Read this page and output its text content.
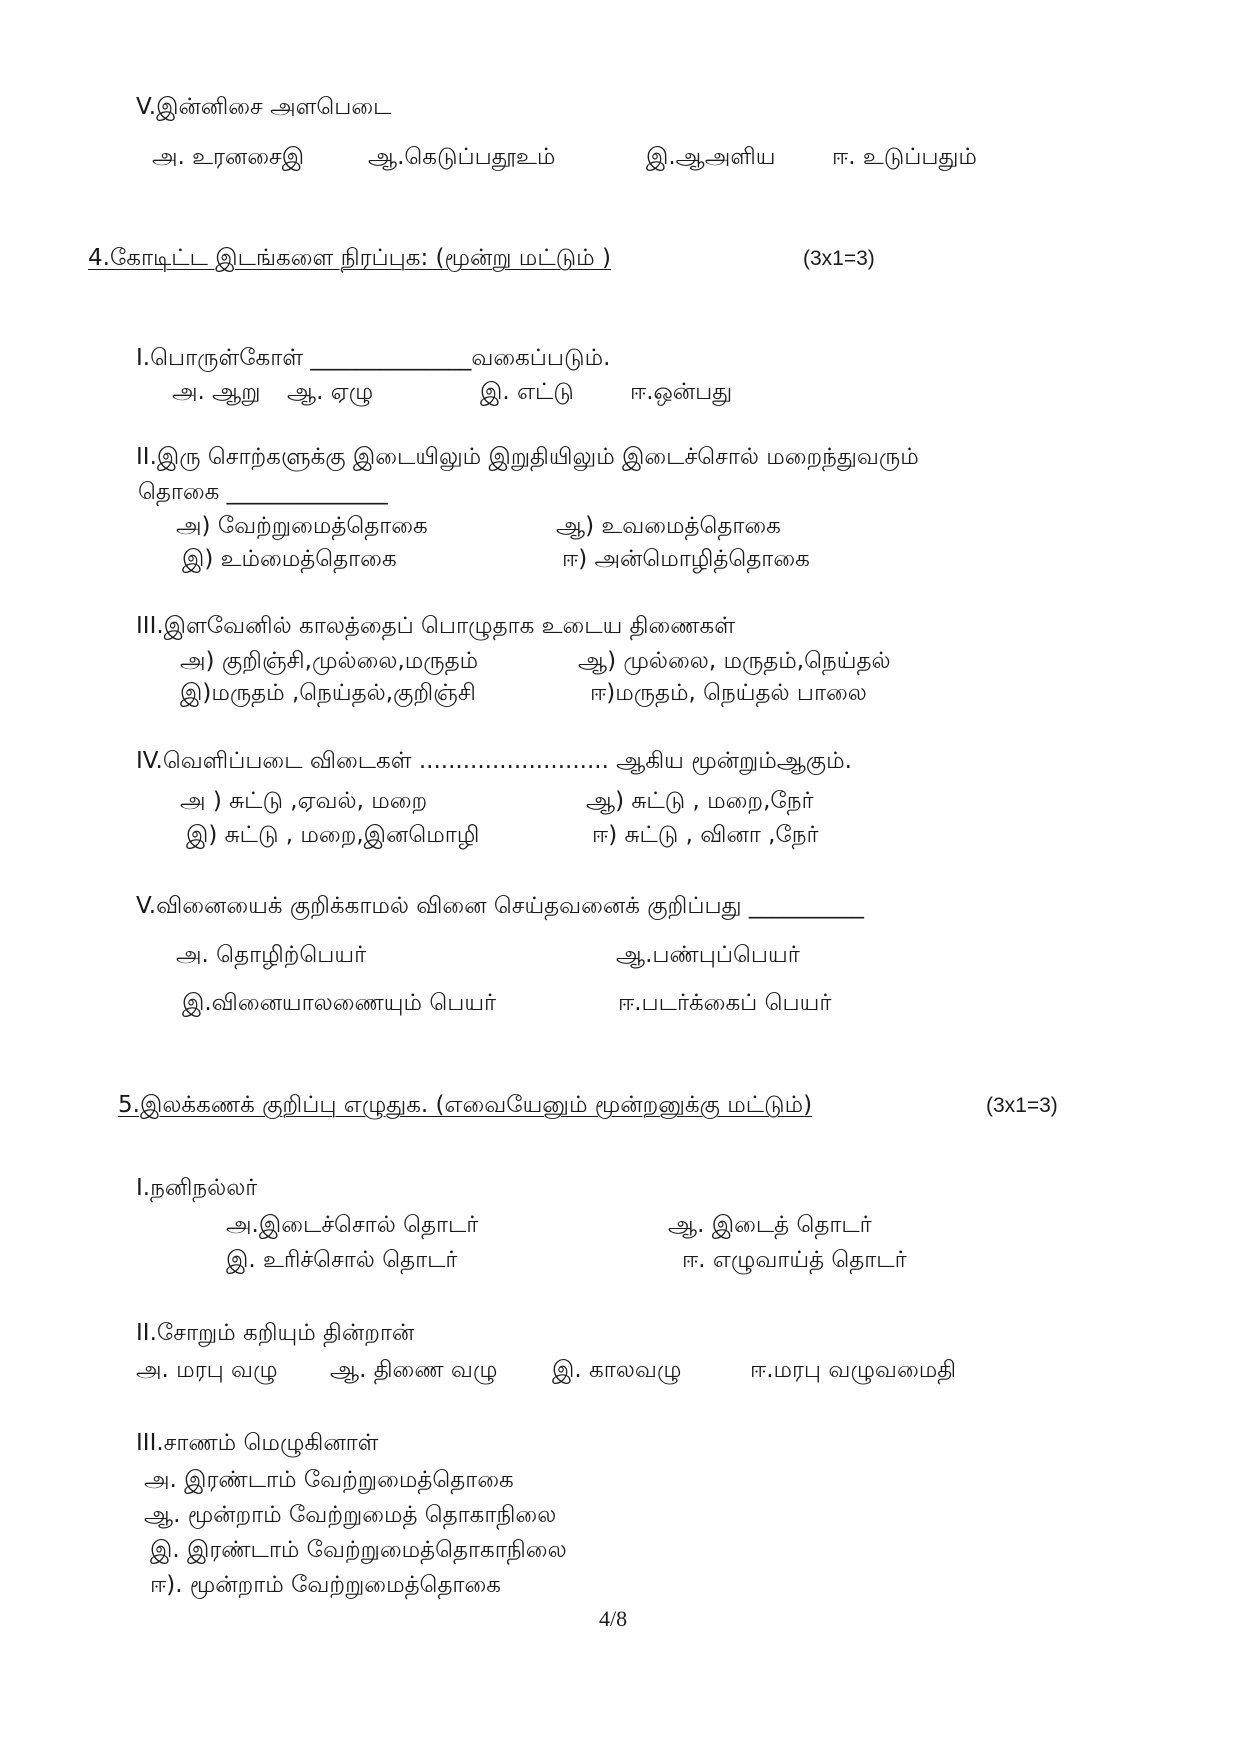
V.இன்னிசை அளபெடை
அ. உரனசைஇ	ஆ.கெடுப்பதூஉம்	இ.ஆஅளிய ஈ. உடுப்பதும்
4.கோடிட்ட இடங்களை நிரப்புக: (மூன்று மட்டும் )	(3x1=3)
I.பொருள்கோள் ______________வகைப்படும்.
அ. ஆறு ஆ. ஏழு	இ. எட்டு ஈ.ஒன்பது
II.இரு சொற்களுக்கு இடையிலும் இறுதியிலும் இடைச்சொல் மறைந்துவரும்
தொகை ______________
அ) வேற்றுமைத்தொகை	ஆ) உவமைத்தொகை
இ) உம்மைத்தொகை	ஈ) அன்மொழித்தொகை
III.இளவேனில் காலத்தைப் பொழுதாக உடைய திணைகள்
அ) குறிஞ்சி,முல்லை,மருதம்	ஆ) முல்லை, மருதம்,நெய்தல்
இ)மருதம் ,நெய்தல்,குறிஞ்சி	ஈ)மருதம், நெய்தல் பாலை
IV.வெளிப்படை விடைகள் .......................... ஆகிய மூன்றும்ஆகும்.
அ ) சுட்டு ,ஏவல், மறை	ஆ) சுட்டு , மறை,நேர்
இ) சுட்டு , மறை,இனமொழி	ஈ) சுட்டு , வினா ,நேர்
V.வினையைக் குறிக்காமல் வினை செய்தவனைக் குறிப்பது __________
அ. தொழிற்பெயர்	ஆ.பண்புப்பெயர்
இ.வினையாலணையும் பெயர்	ஈ.படர்க்கைப் பெயர்
5.இலக்கணக் குறிப்பு எழுதுக. (எவையேனும் மூன்றனுக்கு மட்டும்)	(3x1=3)
I.நனிநல்லர்
அ.இடைச்சொல் தொடர்	ஆ. இடைத் தொடர்
இ. உரிச்சொல் தொடர்	ஈ. எழுவாய்த் தொடர்
II.சோறும் கறியும் தின்றான்
அ. மரபு வழு ஆ. திணை வழு இ. காலவழு	ஈ.மரபு வழுவமைதி
III.சாணம் மெழுகினாள்
அ. இரண்டாம் வேற்றுமைத்தொகை
ஆ. மூன்றாம் வேற்றுமைத் தொகாநிலை
இ. இரண்டாம் வேற்றுமைத்தொகாநிலை
ஈ). மூன்றாம் வேற்றுமைத்தொகை
4/8
